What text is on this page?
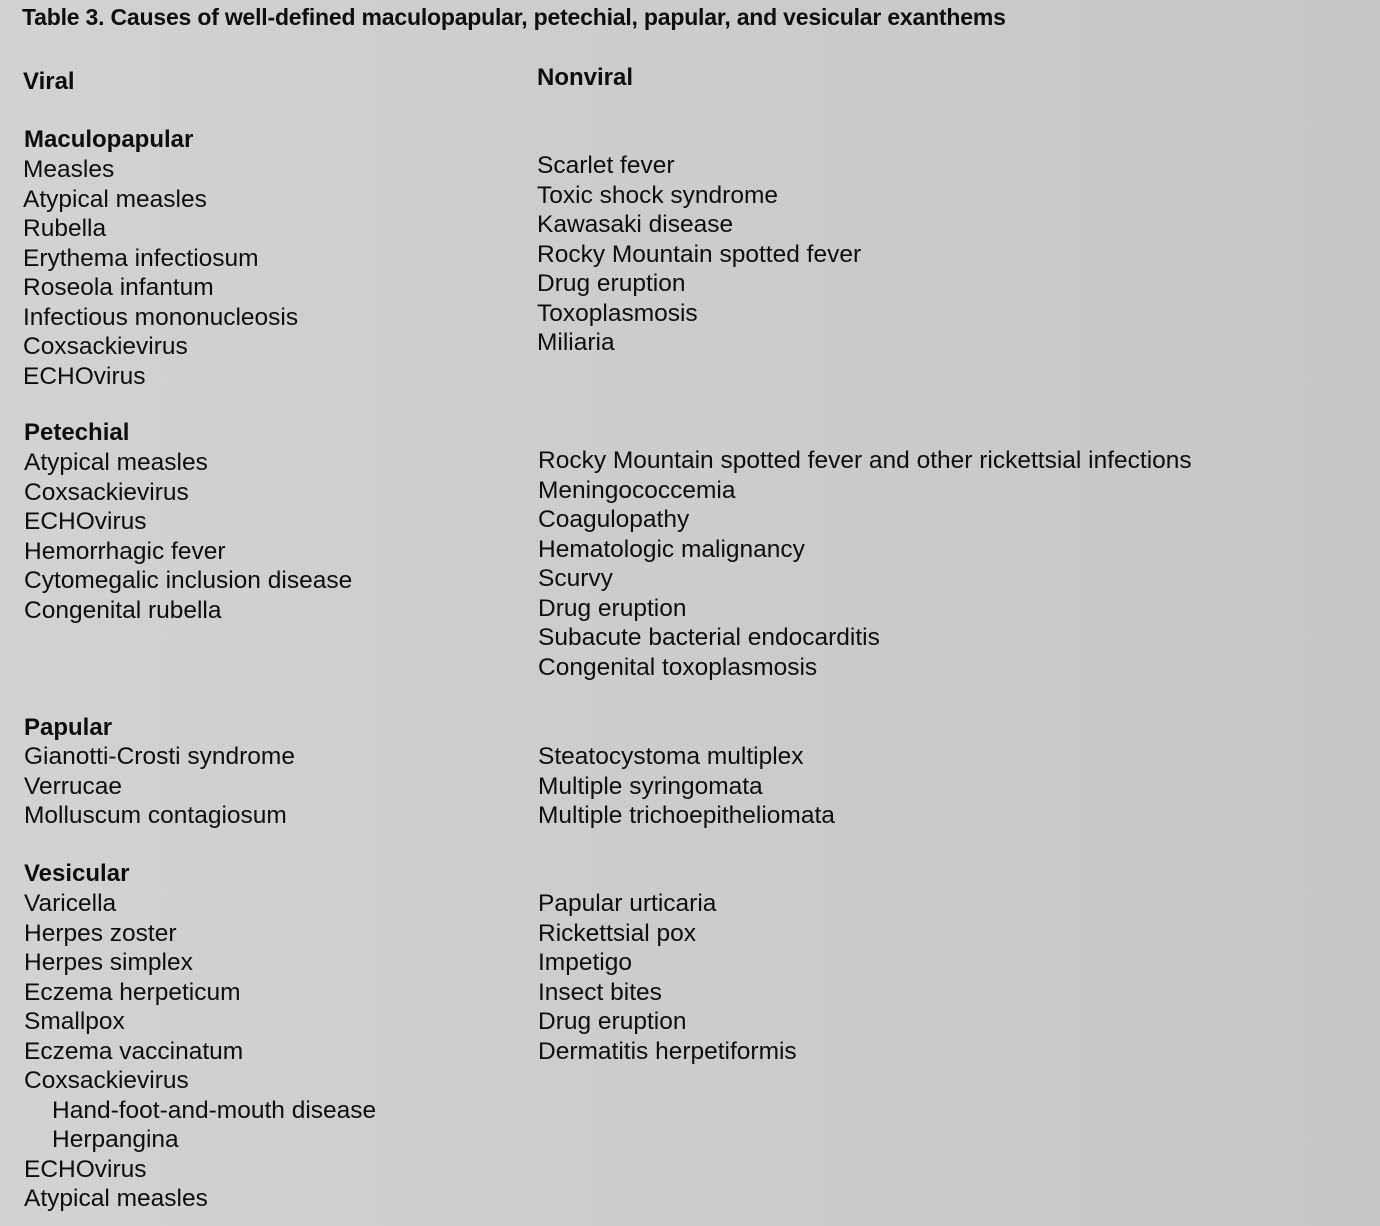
Table 3. Causes of well-defined maculopapular, petechial, papular, and vesicular exanthems
Viral	Nonviral
Maculopapular
Measles
Atypical measles
Rubella
Erythema infectiosum
Roseola infantum
Infectious mononucleosis
Coxsackievirus
ECHOvirus
Scarlet fever
Toxic shock syndrome
Kawasaki disease
Rocky Mountain spotted fever
Drug eruption
Toxoplasmosis
Miliaria
Petechial
Atypical measles
Coxsackievirus
ECHOvirus
Hemorrhagic fever
Cytomegalic inclusion disease
Congenital rubella
Rocky Mountain spotted fever and other rickettsial infections
Meningococcemia
Coagulopathy
Hematologic malignancy
Scurvy
Drug eruption
Subacute bacterial endocarditis
Congenital toxoplasmosis
Papular
Gianotti-Crosti syndrome
Verrucae
Molluscum contagiosum
Steatocystoma multiplex
Multiple syringomata
Multiple trichoepitheliomata
Vesicular
Varicella
Herpes zoster
Herpes simplex
Eczema herpeticum
Smallpox
Eczema vaccinatum
Coxsackievirus
Hand-foot-and-mouth disease
Herpangina
ECHOvirus
Atypical measles
Papular urticaria
Rickettsial pox
Impetigo
Insect bites
Drug eruption
Dermatitis herpetiformis
